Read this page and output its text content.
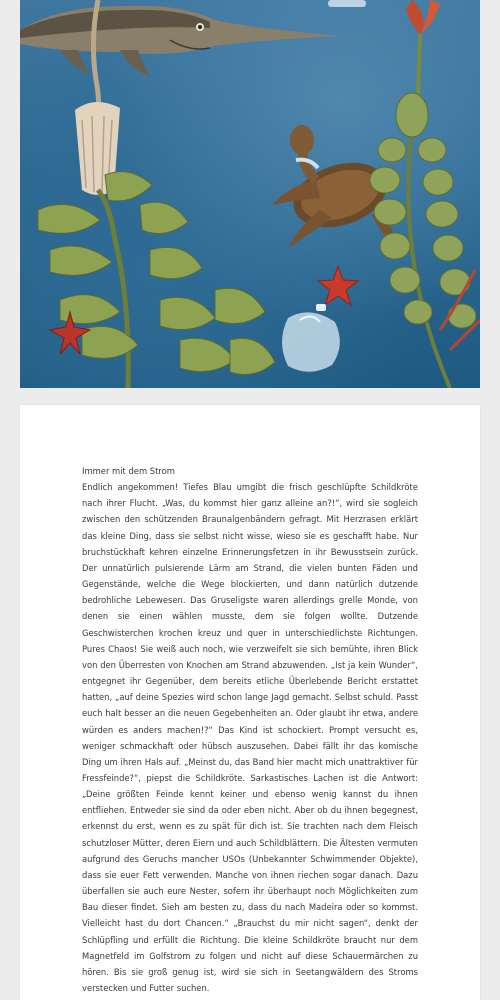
Immer mit dem Strom

Endlich angekommen! Tiefes Blau umgibt die frisch geschlüpfte Schildkröte nach ihrer Flucht. „Was, du kommst hier ganz alleine an?!“, wird sie sogleich zwischen den schützenden Braunalgenbändern gefragt. Mit Herzrasen erklärt das kleine Ding, dass sie selbst nicht wisse, wieso sie es geschafft habe. Nur bruchstückhaft kehren einzelne Erinnerungsfetzen in ihr Bewusstsein zurück. Der unnatürlich pulsierende Lärm am Strand, die vielen bunten Fäden und Gegenstände, welche die Wege blockierten, und dann natürlich dutzende bedrohliche Lebewesen. Das Gruseligste waren allerdings grelle Monde, von denen sie einen wählen musste, dem sie folgen wollte. Dutzende Geschwisterchen krochen kreuz und quer in unterschiedlichste Richtungen. Pures Chaos! Sie weiß auch noch, wie verzweifelt sie sich bemühte, ihren Blick von den Überresten von Knochen am Strand abzuwenden. „Ist ja kein Wunder“, entgegnet ihr Gegenüber, dem bereits etliche Überlebende Bericht erstattet hatten, „auf deine Spezies wird schon lange Jagd gemacht. Selbst schuld. Passt euch halt besser an die neuen Gegebenheiten an. Oder glaubt ihr etwa, andere würden es anders machen!?“ Das Kind ist schockiert. Prompt versucht es, weniger schmackhaft oder hübsch auszusehen. Dabei fällt ihr das komische Ding um ihren Hals auf. „Meinst du, das Band hier macht mich unattraktiver für Fressfeinde?“, piepst die Schildkröte. Sarkastisches Lachen ist die Antwort: „Deine größten Feinde kennt keiner und ebenso wenig kannst du ihnen entfliehen. Entweder sie sind da oder eben nicht. Aber ob du ihnen begegnest, erkennst du erst, wenn es zu spät für dich ist. Sie trachten nach dem Fleisch schutzloser Mütter, deren Eiern und auch Schildblättern. Die Ältesten vermuten aufgrund des Geruchs mancher USOs (Unbekannter Schwimmender Objekte), dass sie euer Fett verwenden. Manche von ihnen riechen sogar danach. Dazu überfallen sie auch eure Nester, sofern ihr überhaupt noch Möglichkeiten zum Bau dieser findet. Sieh am besten zu, dass du nach Madeira oder so kommst. Vielleicht hast du dort Chancen.“ „Brauchst du mir nicht sagen“, denkt der Schlüpfling und erfüllt die Richtung. Die kleine Schildkröte braucht nur dem Magnetfeld im Golfstrom zu folgen und nicht auf diese Schauermärchen zu hören. Bis sie groß genug ist, wird sie sich in Seetangwäldern des Stroms verstecken und Futter suchen.
